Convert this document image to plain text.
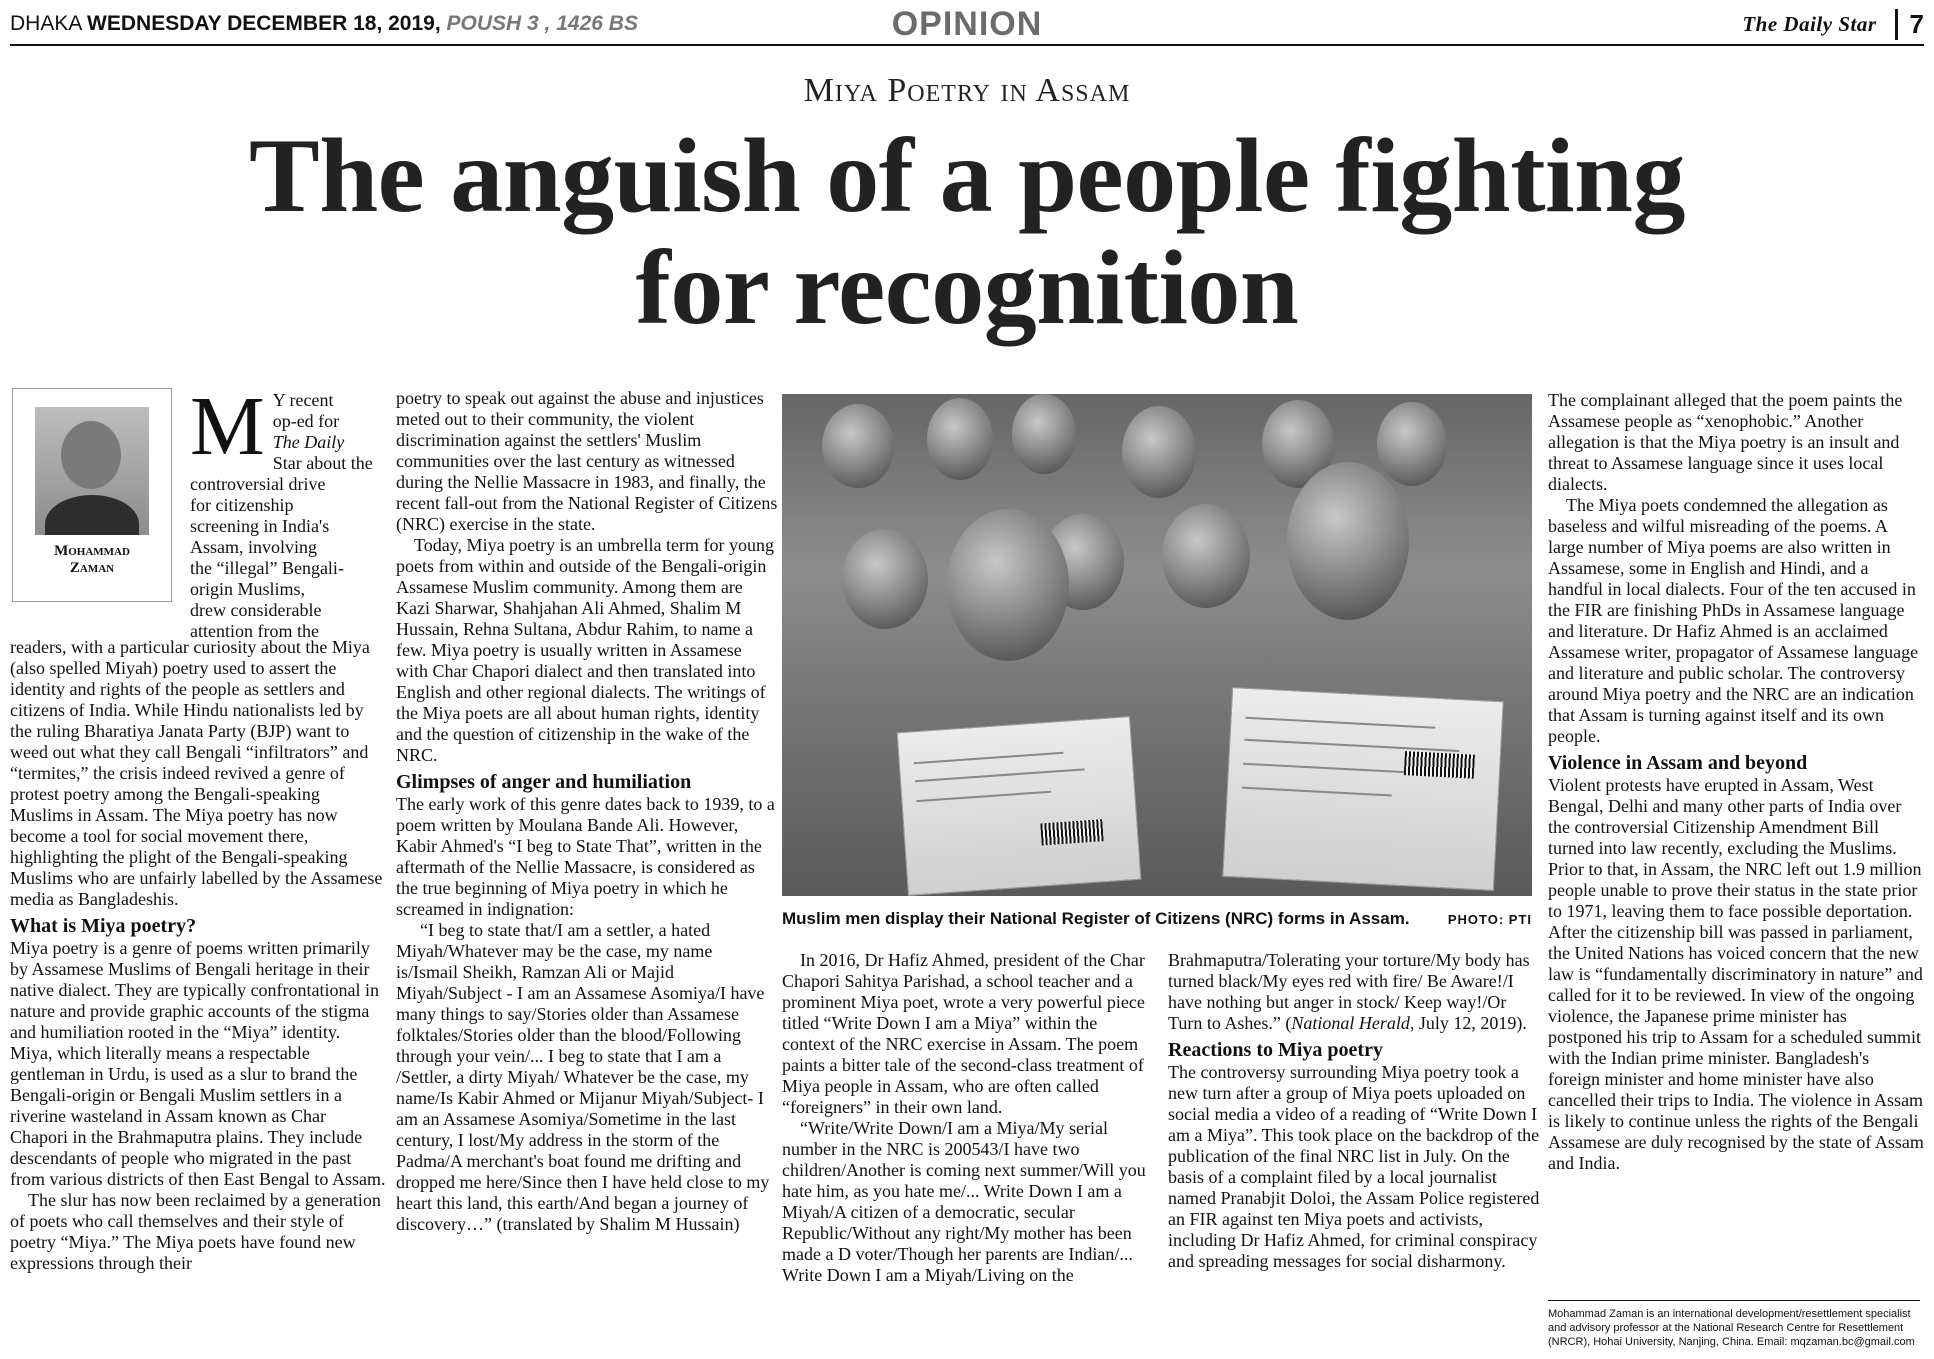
DHAKA WEDNESDAY DECEMBER 18, 2019, POUSH 3 , 1426 BS	OPINION	The Daily Star	7
Miya Poetry in Assam
The anguish of a people fighting
for recognition
Mohammad
Zaman
M Y recent
op-ed for
The Daily
Star about the
controversial drive
for citizenship
screening in India's
Assam, involving
the “illegal” Bengali-
origin Muslims,
drew considerable
attention from the

readers, with a particular curiosity about the Miya (also spelled Miyah) poetry used to assert the identity and rights of the people as settlers and citizens of India. While Hindu nationalists led by the ruling Bharatiya Janata Party (BJP) want to weed out what they call Bengali “infiltrators” and “termites,” the crisis indeed revived a genre of protest poetry among the Bengali-speaking Muslims in Assam. The Miya poetry has now become a tool for social movement there, highlighting the plight of the Bengali-speaking Muslims who are unfairly labelled by the Assamese media as Bangladeshis.

What is Miya poetry?

Miya poetry is a genre of poems written primarily by Assamese Muslims of Bengali heritage in their native dialect. They are typically confrontational in nature and provide graphic accounts of the stigma and humiliation rooted in the “Miya” identity. Miya, which literally means a respectable gentleman in Urdu, is used as a slur to brand the Bengali-origin or Bengali Muslim settlers in a riverine wasteland in Assam known as Char Chapori in the Brahmaputra plains. They include descendants of people who migrated in the past from various districts of then East Bengal to Assam.

The slur has now been reclaimed by a generation of poets who call themselves and their style of poetry “Miya.” The Miya poets have found new expressions through their

poetry to speak out against the abuse and injustices meted out to their community, the violent discrimination against the settlers' Muslim communities over the last century as witnessed during the Nellie Massacre in 1983, and finally, the recent fall-out from the National Register of Citizens (NRC) exercise in the state.

Today, Miya poetry is an umbrella term for young poets from within and outside of the Bengali-origin Assamese Muslim community. Among them are Kazi Sharwar, Shahjahan Ali Ahmed, Shalim M Hussain, Rehna Sultana, Abdur Rahim, to name a few. Miya poetry is usually written in Assamese with Char Chapori dialect and then translated into English and other regional dialects. The writings of the Miya poets are all about human rights, identity and the question of citizenship in the wake of the NRC.

Glimpses of anger and humiliation

The early work of this genre dates back to 1939, to a poem written by Moulana Bande Ali. However, Kabir Ahmed's “I beg to State That”, written in the aftermath of the Nellie Massacre, is considered as the true beginning of Miya poetry in which he screamed in indignation:

“I beg to state that/I am a settler, a hated Miyah/Whatever may be the case, my name is/Ismail Sheikh, Ramzan Ali or Majid Miyah/Subject - I am an Assamese Asomiya/I have many things to say/Stories older than Assamese folktales/Stories older than the blood/Following through your vein/... I beg to state that I am a /Settler, a dirty Miyah/ Whatever be the case, my name/Is Kabir Ahmed or Mijanur Miyah/Subject- I am an Assamese Asomiya/Sometime in the last century, I lost/My address in the storm of the Padma/A merchant's boat found me drifting and dropped me here/Since then I have held close to my heart this land, this earth/And began a journey of discovery…” (translated by Shalim M Hussain)

Muslim men display their National Register of Citizens (NRC) forms in Assam.	PHOTO: PTI

In 2016, Dr Hafiz Ahmed, president of the Char Chapori Sahitya Parishad, a school teacher and a prominent Miya poet, wrote a very powerful piece titled “Write Down I am a Miya” within the context of the NRC exercise in Assam. The poem paints a bitter tale of the second-class treatment of Miya people in Assam, who are often called “foreigners” in their own land.

“Write/Write Down/I am a Miya/My serial number in the NRC is 200543/I have two children/Another is coming next summer/Will you hate him, as you hate me/... Write Down I am a Miyah/A citizen of a democratic, secular Republic/Without any right/My mother has been made a D voter/Though her parents are Indian/... Write Down I am a Miyah/Living on the

Brahmaputra/Tolerating your torture/My body has turned black/My eyes red with fire/ Be Aware!/I have nothing but anger in stock/ Keep way!/Or Turn to Ashes.” (National Herald, July 12, 2019).

Reactions to Miya poetry

The controversy surrounding Miya poetry took a new turn after a group of Miya poets uploaded on social media a video of a reading of “Write Down I am a Miya”. This took place on the backdrop of the publication of the final NRC list in July. On the basis of a complaint filed by a local journalist named Pranabjit Doloi, the Assam Police registered an FIR against ten Miya poets and activists, including Dr Hafiz Ahmed, for criminal conspiracy and spreading messages for social disharmony.

The complainant alleged that the poem paints the Assamese people as “xenophobic.” Another allegation is that the Miya poetry is an insult and threat to Assamese language since it uses local dialects.

The Miya poets condemned the allegation as baseless and wilful misreading of the poems. A large number of Miya poems are also written in Assamese, some in English and Hindi, and a handful in local dialects. Four of the ten accused in the FIR are finishing PhDs in Assamese language and literature. Dr Hafiz Ahmed is an acclaimed Assamese writer, propagator of Assamese language and literature and public scholar. The controversy around Miya poetry and the NRC are an indication that Assam is turning against itself and its own people.

Violence in Assam and beyond

Violent protests have erupted in Assam, West Bengal, Delhi and many other parts of India over the controversial Citizenship Amendment Bill turned into law recently, excluding the Muslims. Prior to that, in Assam, the NRC left out 1.9 million people unable to prove their status in the state prior to 1971, leaving them to face possible deportation. After the citizenship bill was passed in parliament, the United Nations has voiced concern that the new law is “fundamentally discriminatory in nature” and called for it to be reviewed. In view of the ongoing violence, the Japanese prime minister has postponed his trip to Assam for a scheduled summit with the Indian prime minister. Bangladesh's foreign minister and home minister have also cancelled their trips to India. The violence in Assam is likely to continue unless the rights of the Bengali Assamese are duly recognised by the state of Assam and India.

Mohammad Zaman is an international development/resettlement specialist and advisory professor at the National Research Centre for Resettlement (NRCR), Hohai University, Nanjing, China. Email: mqzaman.bc@gmail.com
